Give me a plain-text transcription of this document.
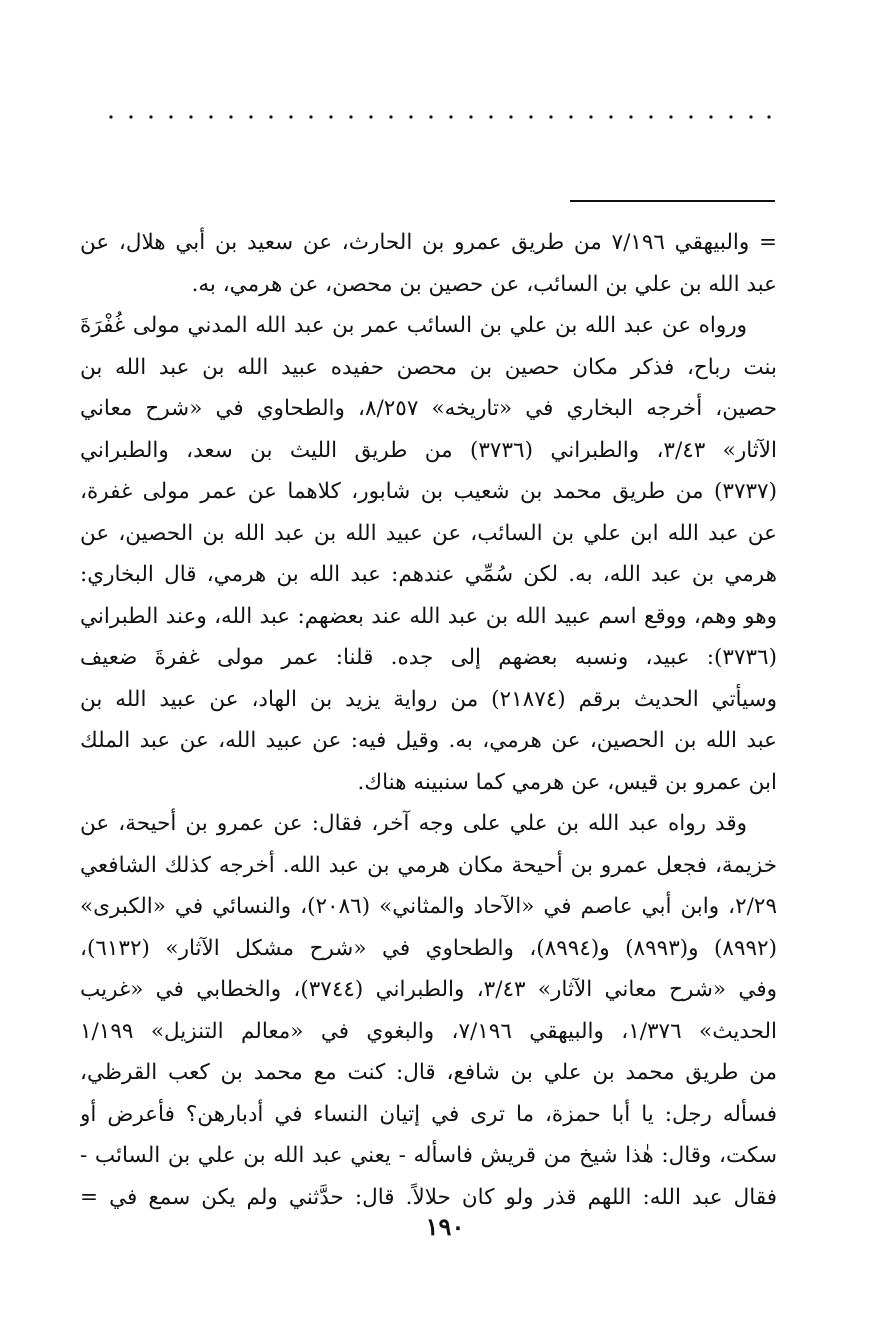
= والبيهقي ٧/١٩٦ من طريق عمرو بن الحارث، عن سعيد بن أبي هلال، عن
عبد الله بن علي بن السائب، عن حصين بن محصن، عن هرمي، به.
ورواه عن عبد الله بن علي بن السائب عمر بن عبد الله المدني مولى غُفْرَةَ
بنت رباح، فذكر مكان حصين بن محصن حفيده عبيد الله بن عبد الله بن
حصين، أخرجه البخاري في «تاريخه» ٨/٢٥٧، والطحاوي في «شرح معاني
الآثار» ٣/٤٣، والطبراني (٣٧٣٦) من طريق الليث بن سعد، والطبراني
(٣٧٣٧) من طريق محمد بن شعيب بن شابور، كلاهما عن عمر مولى غفرة،
عن عبد الله ابن علي بن السائب، عن عبيد الله بن عبد الله بن الحصين، عن
هرمي بن عبد الله، به. لكن سُمِّي عندهم: عبد الله بن هرمي، قال البخاري:
وهو وهم، ووقع اسم عبيد الله بن عبد الله عند بعضهم: عبد الله، وعند الطبراني
(٣٧٣٦): عبيد، ونسبه بعضهم إلى جده. قلنا: عمر مولى غفرةَ ضعيف
وسيأتي الحديث برقم (٢١٨٧٤) من رواية يزيد بن الهاد، عن عبيد الله بن
عبد الله بن الحصين، عن هرمي، به. وقيل فيه: عن عبيد الله، عن عبد الملك
ابن عمرو بن قيس، عن هرمي كما سنبينه هناك.
وقد رواه عبد الله بن علي على وجه آخر، فقال: عن عمرو بن أحيحة، عن
خزيمة، فجعل عمرو بن أحيحة مكان هرمي بن عبد الله. أخرجه كذلك الشافعي
٢/٢٩، وابن أبي عاصم في «الآحاد والمثاني» (٢٠٨٦)، والنسائي في «الكبرى»
(٨٩٩٢) و(٨٩٩٣) و(٨٩٩٤)، والطحاوي في «شرح مشكل الآثار» (٦١٣٢)،
وفي «شرح معاني الآثار» ٣/٤٣، والطبراني (٣٧٤٤)، والخطابي في «غريب
الحديث» ١/٣٧٦، والبيهقي ٧/١٩٦، والبغوي في «معالم التنزيل» ١/١٩٩
من طريق محمد بن علي بن شافع، قال: كنت مع محمد بن كعب القرظي،
فسأله رجل: يا أبا حمزة، ما ترى في إتيان النساء في أدبارهن؟ فأعرض أو
سكت، وقال: هٰذا شيخ من قريش فاسأله - يعني عبد الله بن علي بن السائب -
فقال عبد الله: اللهم قذر ولو كان حلالاً. قال: حدَّثني ولم يكن سمع في =
١٩٠
